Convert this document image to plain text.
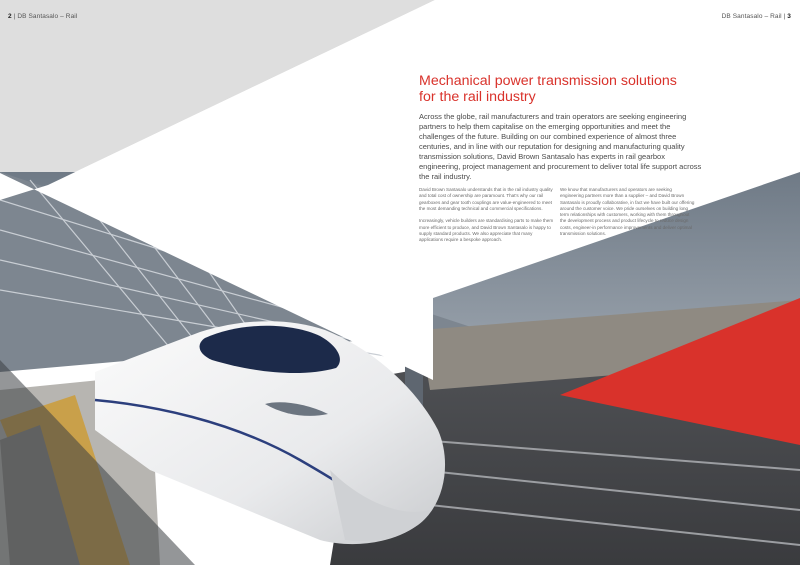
2 | DB Santasalo – Rail	DB Santasalo – Rail | 3
Mechanical power transmission solutions
for the rail industry

Across the globe, rail manufacturers and train operators are seeking engineering partners to help them capitalise on the emerging opportunities and meet the challenges of the future. Building on our combined experience of almost three centuries, and in line with our reputation for designing and manufacturing quality transmission solutions, David Brown Santasalo has experts in rail gearbox engineering, project management and procurement to deliver total life support across the rail industry.

David Brown Santasalo understands that in the rail industry quality and total cost of ownership are paramount. That's why our rail gearboxes and gear tooth couplings are value-engineered to meet the most demanding technical and commercial specifications.

Increasingly, vehicle builders are standardising parts to make them more efficient to produce, and David Brown Santasalo is happy to supply standard products. We also appreciate that many applications require a bespoke approach.

We know that manufacturers and operators are seeking engineering partners more than a supplier – and David Brown Santasalo is proudly collaborative, in fact we have built our offering around the customer voice. We pride ourselves on building long term relationships with customers, working with them throughout the development process and product lifecycle to reduce design costs, engineer-in performance improvements and deliver optimal transmission solutions.
